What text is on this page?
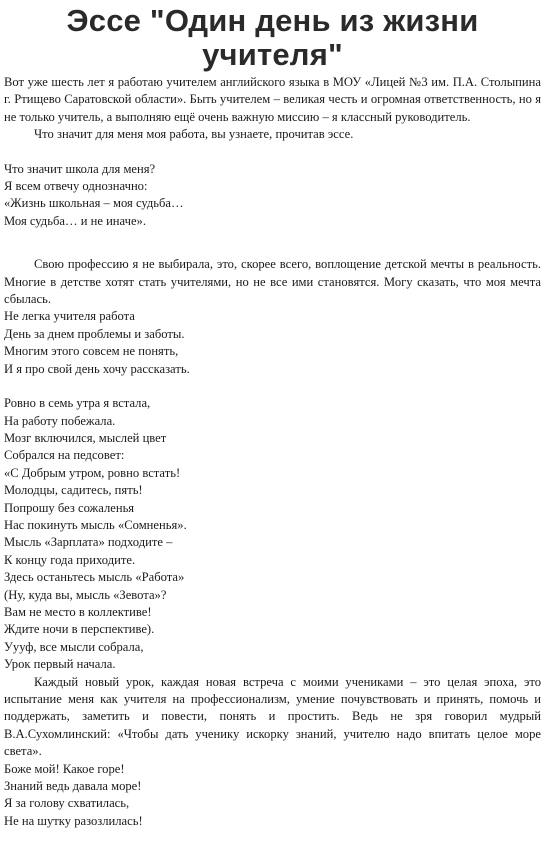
Эссе "Один день из жизни
учителя"

Вот уже шесть лет я работаю учителем английского языка в МОУ «Лицей №3 им. П.А. Столыпина г. Ртищево Саратовской области». Быть учителем – великая честь и огромная ответственность, но я не только учитель, а выполняю ещё очень важную миссию – я классный руководитель.

Что значит для меня моя работа, вы узнаете, прочитав эссе.

Что значит школа для меня?
Я всем отвечу однозначно:
«Жизнь школьная – моя судьба…
Моя судьба… и не иначе».

Свою профессию я не выбирала, это, скорее всего, воплощение детской мечты в реальность. Многие в детстве хотят стать учителями, но не все ими становятся. Могу сказать, что моя мечта сбылась.

Не легка учителя работа
День за днем проблемы и заботы.
Многим этого совсем не понять,
И я про свой день хочу рассказать.
Ровно в семь утра я встала,
На работу побежала.
Мозг включился, мыслей цвет
Собрался на педсовет:
«С Добрым утром, ровно встать!
Молодцы, садитесь, пять!
Попрошу без сожаленья
Нас покинуть мысль «Сомненья».
Мысль «Зарплата» подходите –
К концу года приходите.
Здесь останьтесь мысль «Работа»
(Ну, куда вы, мысль «Зевота»?
Вам не место в коллективе!
Ждите ночи в перспективе).
Уууф, все мысли собрала,
Урок первый начала.

Каждый новый урок, каждая новая встреча с моими учениками – это целая эпоха, это испытание меня как учителя на профессионализм, умение почувствовать и принять, помочь и поддержать, заметить и повести, понять и простить. Ведь не зря говорил мудрый В.А.Сухомлинский: «Чтобы дать ученику искорку знаний, учителю надо впитать целое море света».

Боже мой! Какое горе!
Знаний ведь давала море!
Я за голову схватилась,
Не на шутку разозлилась!
